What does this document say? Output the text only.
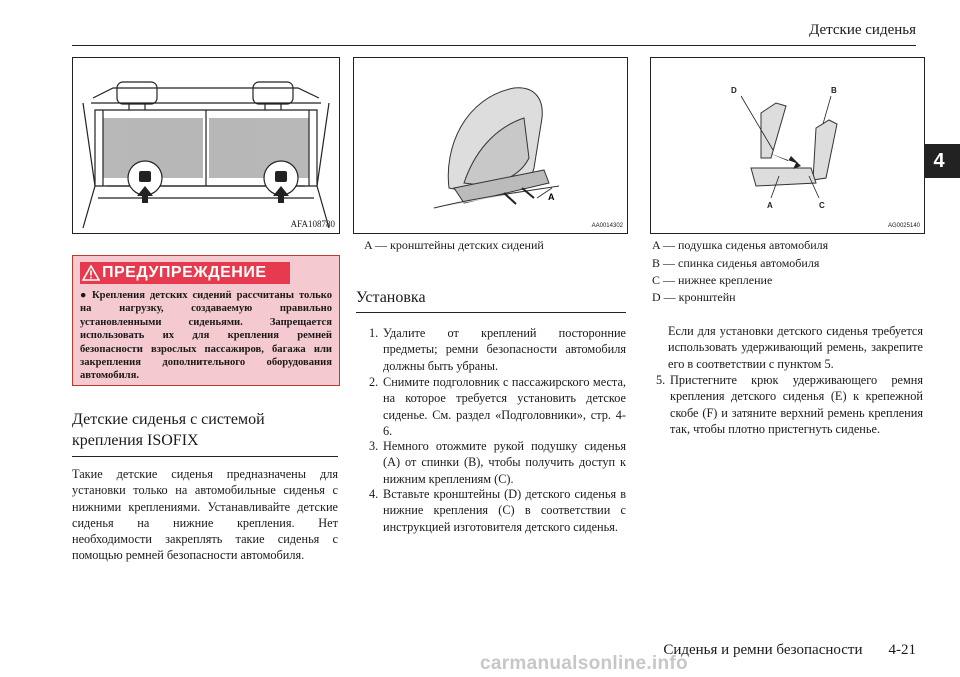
Детские сиденья
4
AFA108780
A
AA0014302
D	B
A	C
AG0025140
A — кронштейны детских сидений	A — подушка сиденья автомобиля
B — спинка сиденья автомобиля
C — нижнее крепление
D — кронштейн
ПРЕДУПРЕЖДЕНИЕ
● Крепления детских сидений рассчитаны только на нагрузку, создаваемую правильно установленными сиденьями. Запрещается использовать их для крепления ремней безопасности взрослых пассажиров, багажа или закрепления дополнительного оборудования автомобиля.
Детские сиденья с системой
крепления ISOFIX
Такие детские сиденья предназначены для установки только на автомобильные сиденья с нижними креплениями. Устанавливайте детские сиденья на нижние крепления. Нет необходимости закреплять такие сиденья с помощью ремней безопасности автомобиля.
Установка
1. Удалите от креплений посторонние предметы; ремни безопасности автомобиля должны быть убраны.
2. Снимите подголовник с пассажирского места, на которое требуется установить детское сиденье. См. раздел «Подголовники», стр. 4-6.
3. Немного отожмите рукой подушку сиденья (A) от спинки (B), чтобы получить доступ к нижним креплениям (C).
4. Вставьте кронштейны (D) детского сиденья в нижние крепления (C) в соответствии с инструкцией изготовителя детского сиденья.
Если для установки детского сиденья требуется использовать удерживающий ремень, закрепите его в соответствии с пунктом 5.
5. Пристегните крюк удерживающего ремня крепления детского сиденья (E) к крепежной скобе (F) и затяните верхний ремень крепления так, чтобы плотно пристегнуть сиденье.
carmanualsonline.info
Сиденья и ремни безопасности 4-21
